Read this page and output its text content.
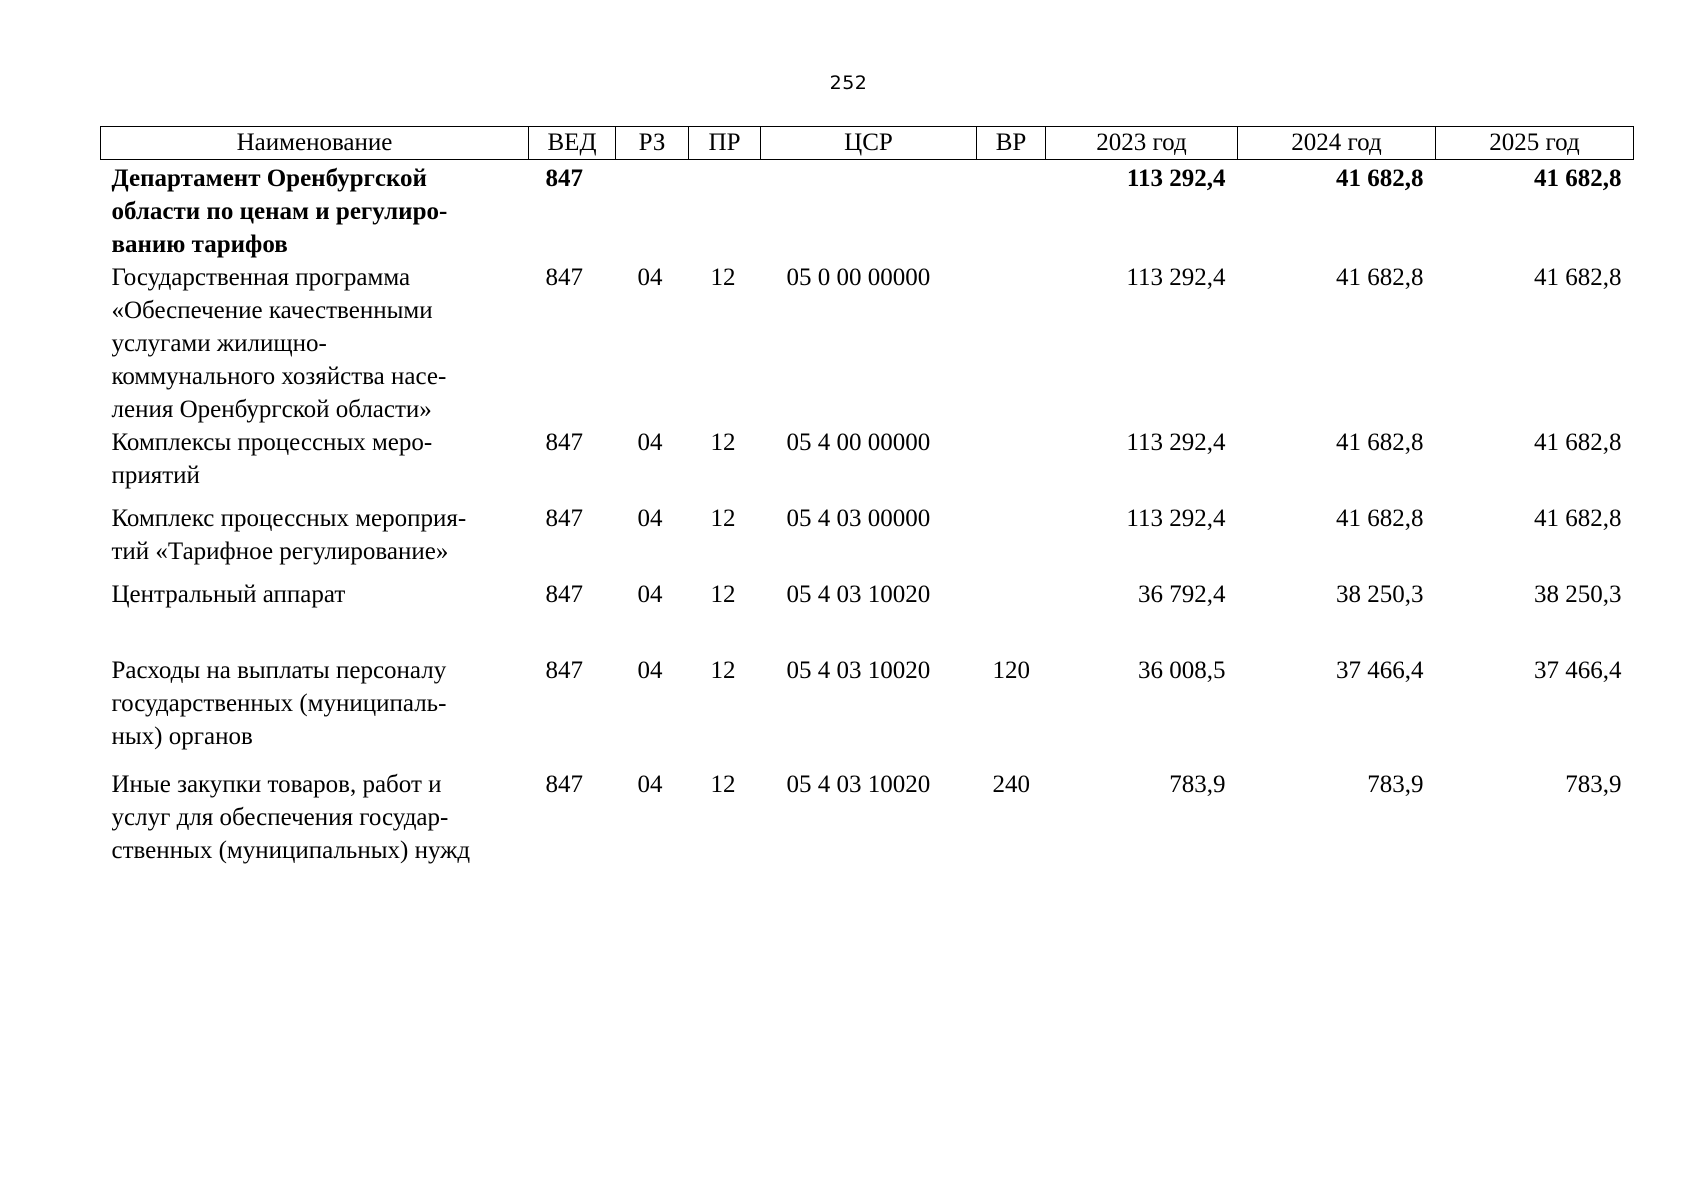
252
Наименование	ВЕД	РЗ	ПР	ЦСР	ВР	2023 год	2024 год	2025 год

Департамент Оренбургской
области по ценам и регулиро-
ванию тарифов	847					113 292,4	41 682,8	41 682,8

Государственная программа
«Обеспечение качественными
услугами жилищно-
коммунального хозяйства насе-
ления Оренбургской области»	847	04	12	05 0 00 00000		113 292,4	41 682,8	41 682,8

Комплексы процессных меро-
приятий	847	04	12	05 4 00 00000		113 292,4	41 682,8	41 682,8

Комплекс процессных мероприя-
тий «Тарифное регулирование»	847	04	12	05 4 03 00000		113 292,4	41 682,8	41 682,8

Центральный аппарат	847	04	12	05 4 03 10020		36 792,4	38 250,3	38 250,3

Расходы на выплаты персоналу
государственных (муниципаль-
ных) органов	847	04	12	05 4 03 10020	120	36 008,5	37 466,4	37 466,4

Иные закупки товаров, работ и
услуг для обеспечения государ-
ственных (муниципальных) нужд	847	04	12	05 4 03 10020	240	783,9	783,9	783,9
